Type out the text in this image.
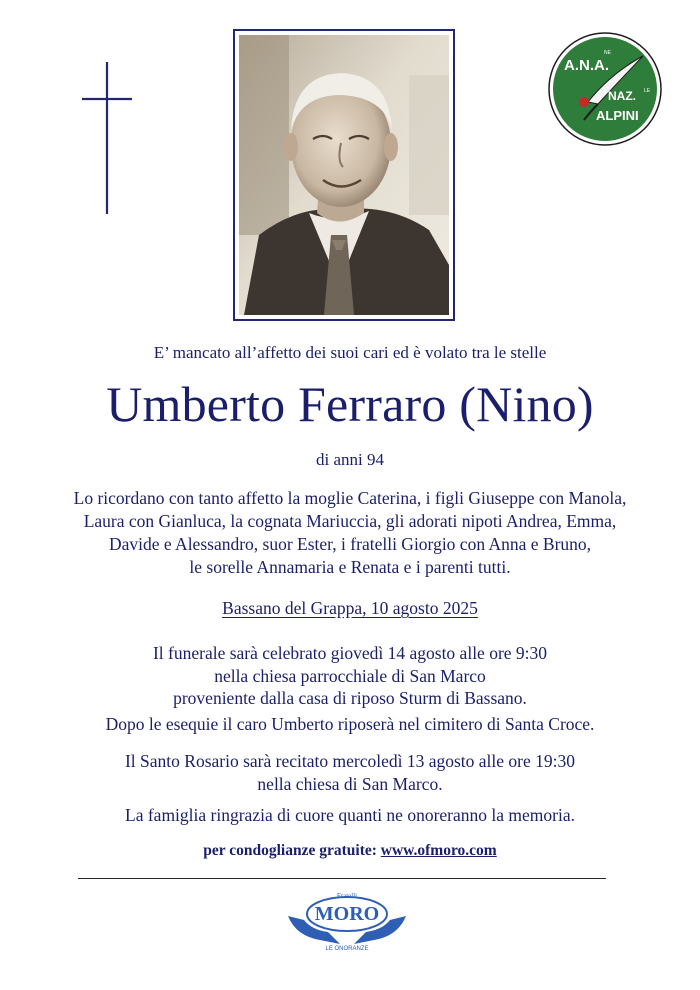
A.N.A.
NE
LE
NAZ.
ALPINI
E’ mancato all’affetto dei suoi cari ed è volato tra le stelle
Umberto Ferraro (Nino)
di anni 94
Lo ricordano con tanto affetto la moglie Caterina, i figli Giuseppe con Manola,
Laura con Gianluca, la cognata Mariuccia, gli adorati nipoti Andrea, Emma,
Davide e Alessandro, suor Ester, i fratelli Giorgio con Anna e Bruno,
le sorelle Annamaria e Renata e i parenti tutti.
Bassano del Grappa, 10 agosto 2025
Il funerale sarà celebrato giovedì 14 agosto alle ore 9:30
nella chiesa parrocchiale di San Marco
proveniente dalla casa di riposo Sturm di Bassano.
Dopo le esequie il caro Umberto riposerà nel cimitero di Santa Croce.
Il Santo Rosario sarà recitato mercoledì 13 agosto alle ore 19:30
nella chiesa di San Marco.
La famiglia ringrazia di cuore quanti ne onoreranno la memoria.
per condoglianze gratuite: www.ofmoro.com
Fratelli
MORO
LE ONORANZE
